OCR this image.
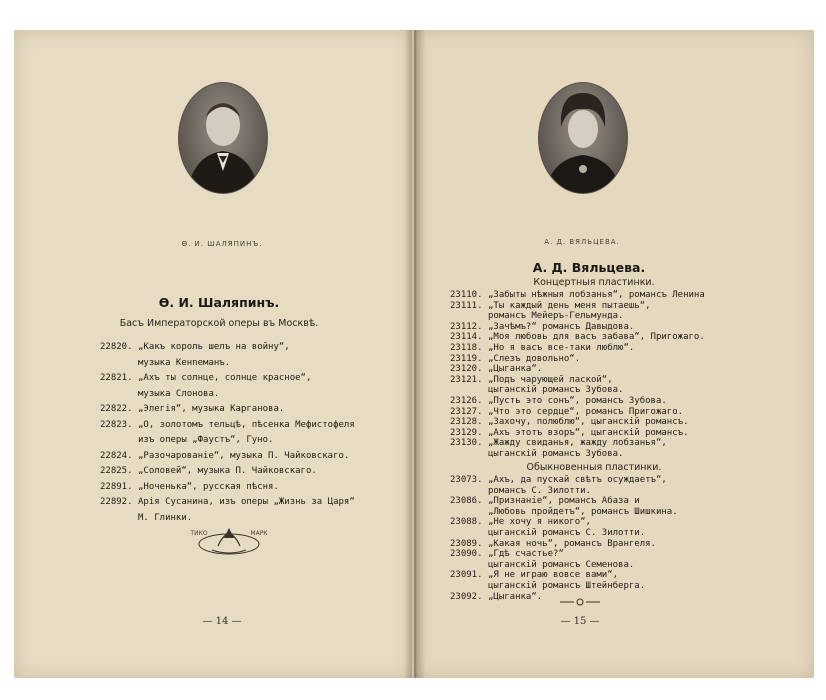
Ѳ. И. ШАЛЯПИНЪ.
Ѳ. И. Шаляпинъ.
Басъ Императорской оперы въ Москвѣ.
22820. „Какъ король шелъ на войну“,
музыка Кенnеманъ.
22821. „Ахъ ты солнце, солнце красное“,
музыка Слонова.
22822. „Элегія“, музыка Карганова.
22823. „О, золотомъ тельцѣ, пѣсенка Мефистофеля
изъ оперы „Фаустъ“, Гуно.
22824. „Разочарованіе“, музыка П. Чайковскаго.
22825. „Соловей“, музыка П. Чайковскаго.
22891. „Ноченька“, русская пѣсня.
22892. Арія Сусанина, изъ оперы „Жизнь за Царя“
М. Глинки.
ТИКО	МАРК
— 14 —
А. Д. ВЯЛЬЦЕВА.
А. Д. Вяльцева.
Концертныя пластинки.
23110. „Забыты нѣжныя лобзанья“, романсъ Ленина
23111. „Ты каждый день меня пытаешь“,
романсъ Мейеръ-Гельмунда.
23112. „Зачѣмъ?“ романсъ Давыдова.
23114. „Моя любовь для васъ забава“, Пригожаго.
23118. „Но я васъ все-таки люблю“.
23119. „Слезъ довольно“.
23120. „Цыганка“.
23121. „Подъ чарующей лаской“,
цыганскій романсъ Зубова.
23126. „Пусть это сонъ“, романсъ Зубова.
23127. „Что это сердце“, романсъ Пригожаго.
23128. „Захочу, полюблю“, цыганскій романсъ.
23129. „Ахъ этотъ взоръ“, цыганскій романсъ.
23130. „Жажду свиданья, жажду лобзанья“,
цыганскій романсъ Зубова.
Обыкновенныя пластинки.
23073. „Ахъ, да пускай свѣтъ осуждаетъ“,
романсъ С. Зилотти.
23086. „Признаніе“, романсъ Абаза и
„Любовь пройдетъ“, романсъ Шишкина.
23088. „Не хочу я никого“,
цыганскій романсъ С. Зилотти.
23089. „Какая ночь“, романсъ Врангеля.
23090. „Гдѣ счастье?“
цыганскій романсъ Семенова.
23091. „Я не играю вовсе вами“,
цыганскій романсъ Штейнберга.
23092. „Цыганка“.
— 15 —
